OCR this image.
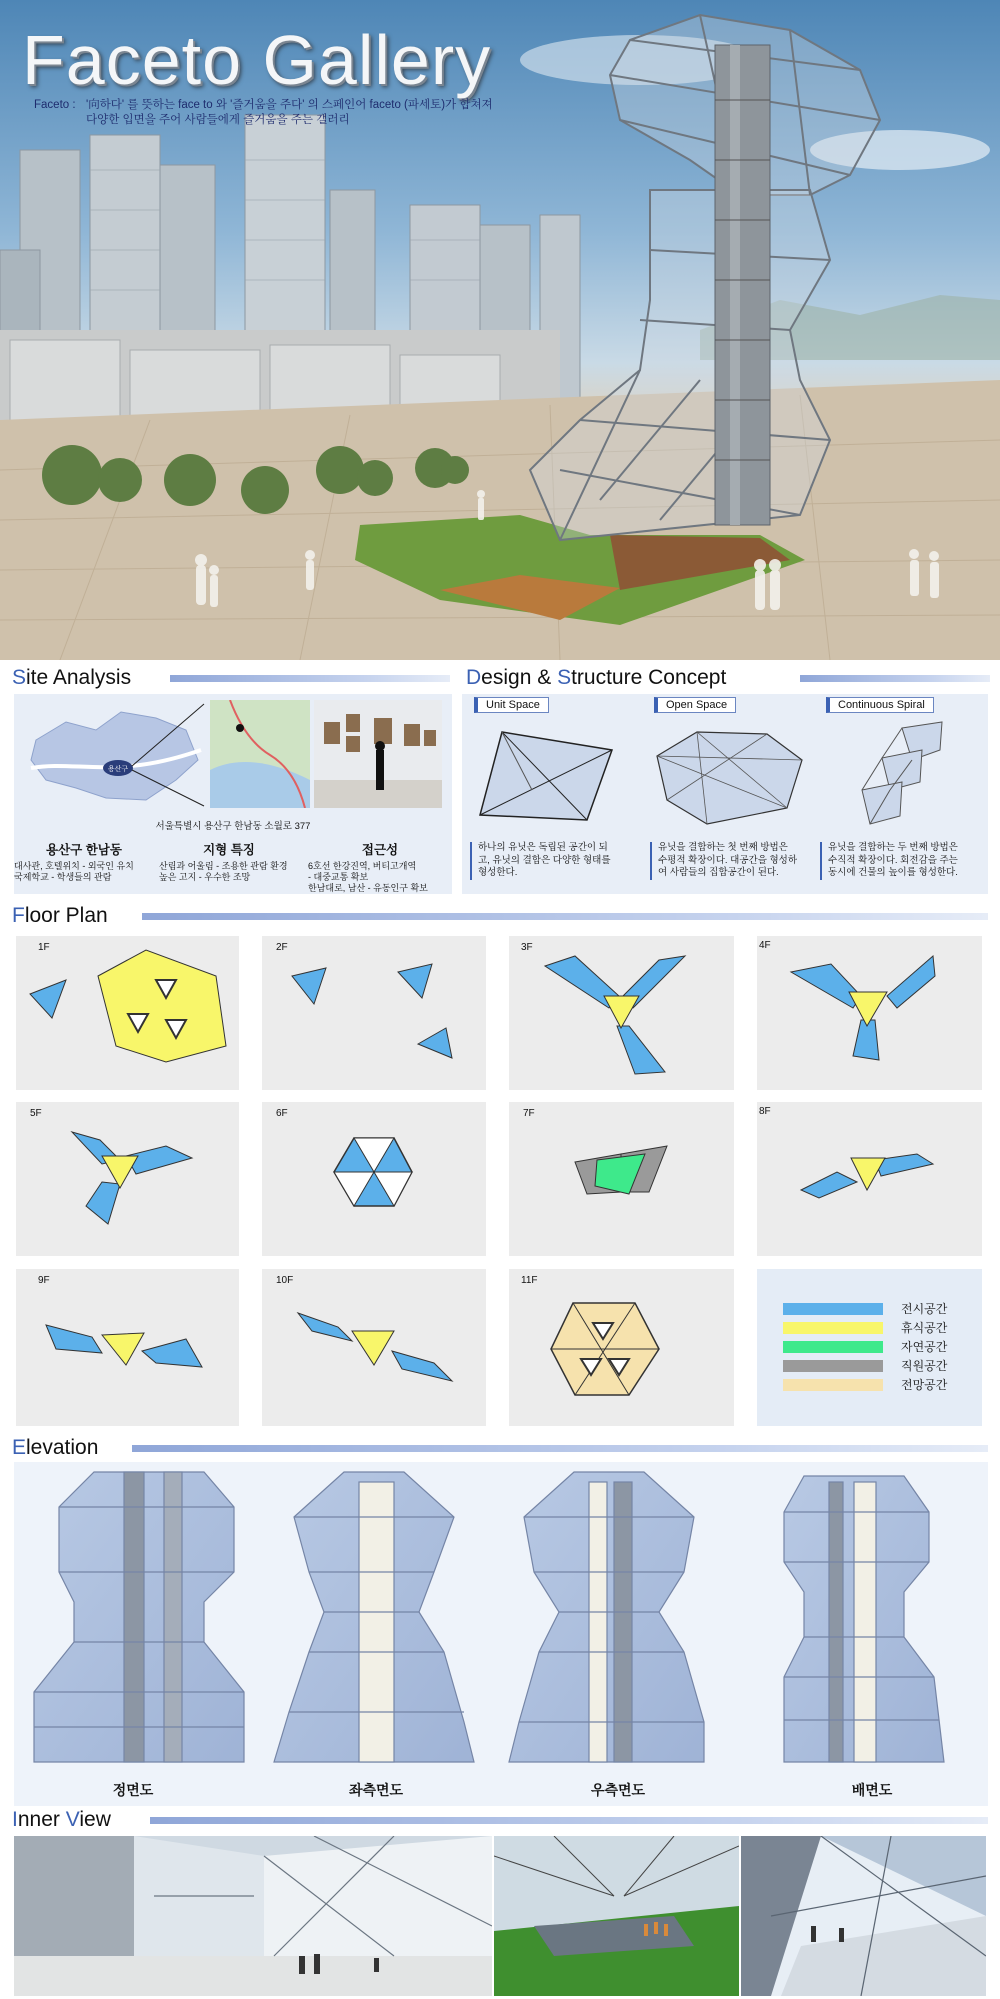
Faceto Gallery
Faceto : '向하다' 를 뜻하는 face to 와 '즐거움을 주다' 의 스페인어 faceto (파세토)가 합쳐져
다양한 입면을 주어 사람들에게 즐거움을 주는 갤러리
Site Analysis
용산구
서울특별시 용산구 한남동 소월로 377
용산구 한남동
대사관, 호텔위치 - 외국인 유치
국제학교 - 학생들의 관람
지형 특징
산림과 어울림 - 조용한 관람 환경
높은 고지 - 우수한 조망
접근성
6호선 한강진역, 버티고개역
- 대중교통 확보
한남대로, 남산 - 유동인구 확보
Design & Structure Concept
Unit Space
하나의 유닛은 독립된 공간이 되
고, 유닛의 결합은 다양한 형태를
형성한다.
Open Space
유닛을 결합하는 첫 번째 방법은
수평적 확장이다. 대공간을 형성하
여 사람들의 집합공간이 된다.
Continuous Spiral
유닛을 결합하는 두 번째 방법은
수직적 확장이다. 회전감을 주는
동시에 건물의 높이를 형성한다.
Floor Plan
1F	2F	3F	4F
5F	6F	7F	8F
9F	10F	11F
전시공간
휴식공간
자연공간
직원공간
전망공간
Elevation
정면도	좌측면도	우측면도	배면도
Inner View
